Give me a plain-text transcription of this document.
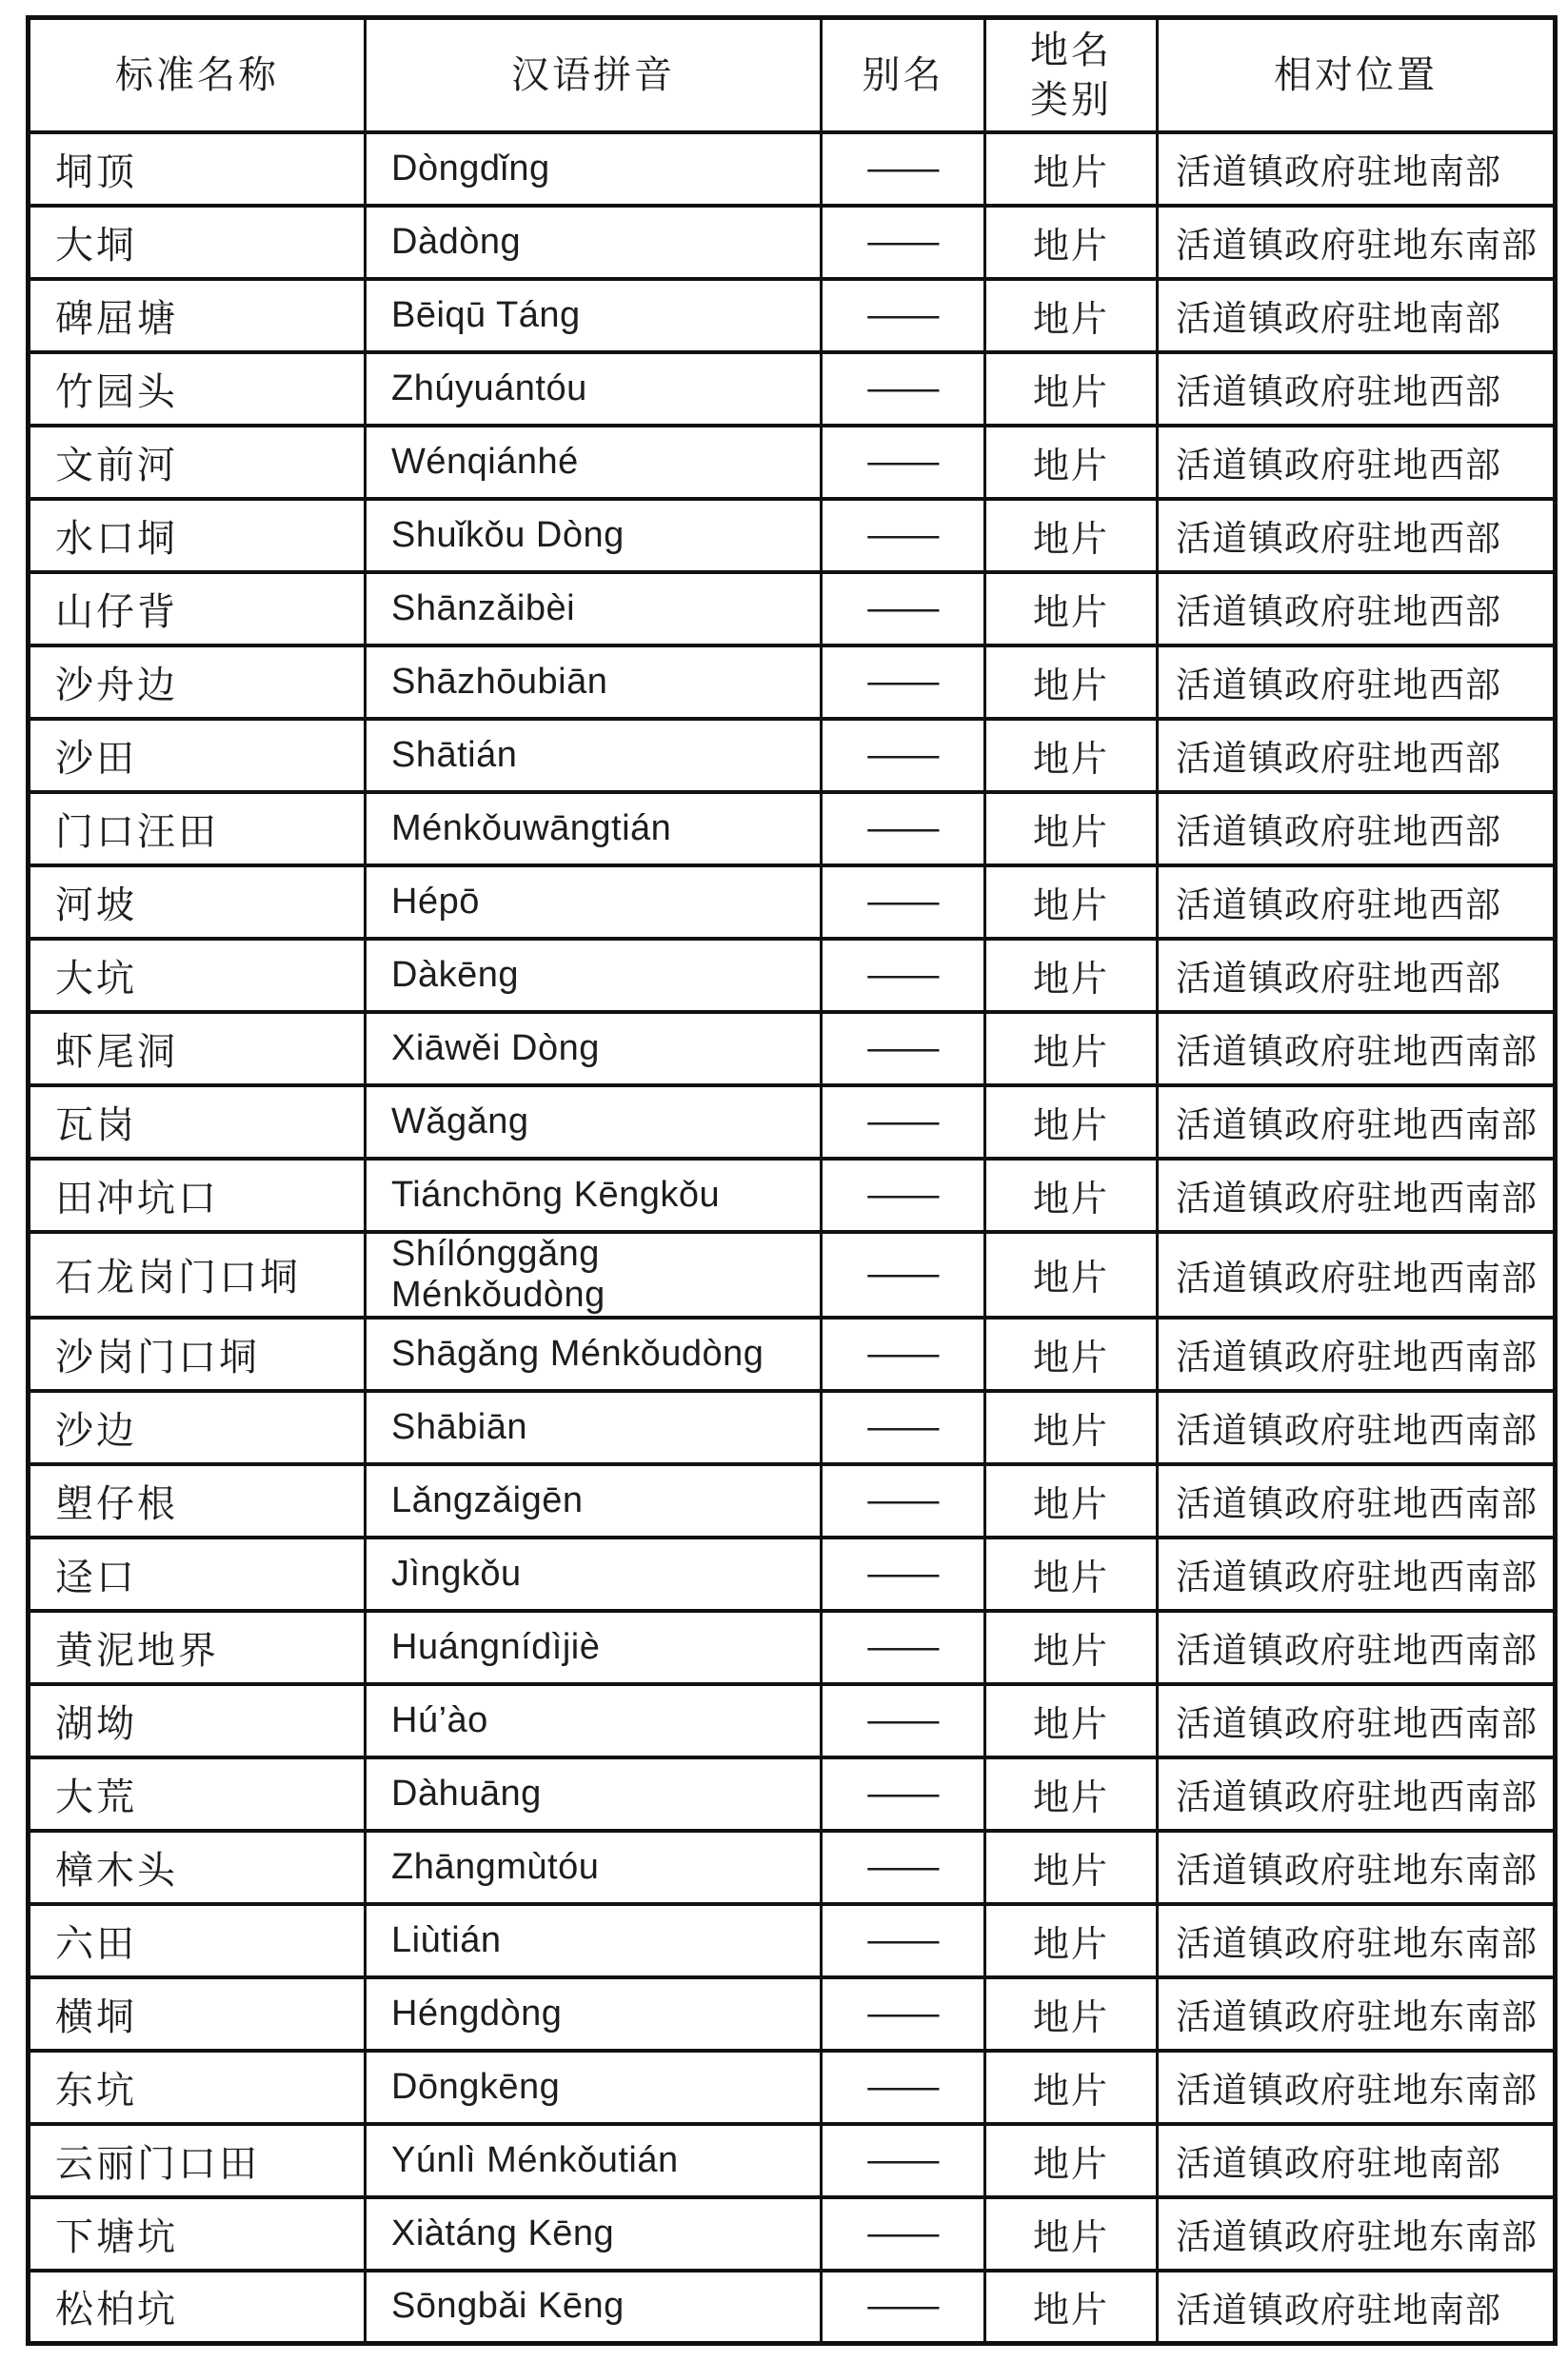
标准名称	汉语拼音	别名	地名类别	相对位置
垌顶	Dòngdǐng	——	地片	活道镇政府驻地南部
大垌	Dàdòng	——	地片	活道镇政府驻地东南部
碑屈塘	Bēiqū Táng	——	地片	活道镇政府驻地南部
竹园头	Zhúyuántóu	——	地片	活道镇政府驻地西部
文前河	Wénqiánhé	——	地片	活道镇政府驻地西部
水口垌	Shuǐkǒu Dòng	——	地片	活道镇政府驻地西部
山仔背	Shānzǎibèi	——	地片	活道镇政府驻地西部
沙舟边	Shāzhōubiān	——	地片	活道镇政府驻地西部
沙田	Shātián	——	地片	活道镇政府驻地西部
门口汪田	Ménkǒuwāngtián	——	地片	活道镇政府驻地西部
河坡	Hépō	——	地片	活道镇政府驻地西部
大坑	Dàkēng	——	地片	活道镇政府驻地西部
虾尾洞	Xiāwěi Dòng	——	地片	活道镇政府驻地西南部
瓦岗	Wǎgǎng	——	地片	活道镇政府驻地西南部
田冲坑口	Tiánchōng Kēngkǒu	——	地片	活道镇政府驻地西南部
石龙岗门口垌	Shílónggǎng Ménkǒudòng	——	地片	活道镇政府驻地西南部
沙岗门口垌	Shāgǎng Ménkǒudòng	——	地片	活道镇政府驻地西南部
沙边	Shābiān	——	地片	活道镇政府驻地西南部
塱仔根	Lǎngzǎigēn	——	地片	活道镇政府驻地西南部
迳口	Jìngkǒu	——	地片	活道镇政府驻地西南部
黄泥地界	Huángnídìjiè	——	地片	活道镇政府驻地西南部
湖坳	Hú’ào	——	地片	活道镇政府驻地西南部
大荒	Dàhuāng	——	地片	活道镇政府驻地西南部
樟木头	Zhāngmùtóu	——	地片	活道镇政府驻地东南部
六田	Liùtián	——	地片	活道镇政府驻地东南部
横垌	Héngdòng	——	地片	活道镇政府驻地东南部
东坑	Dōngkēng	——	地片	活道镇政府驻地东南部
云丽门口田	Yúnlì Ménkǒutián	——	地片	活道镇政府驻地南部
下塘坑	Xiàtáng Kēng	——	地片	活道镇政府驻地东南部
松柏坑	Sōngbǎi Kēng	——	地片	活道镇政府驻地南部
